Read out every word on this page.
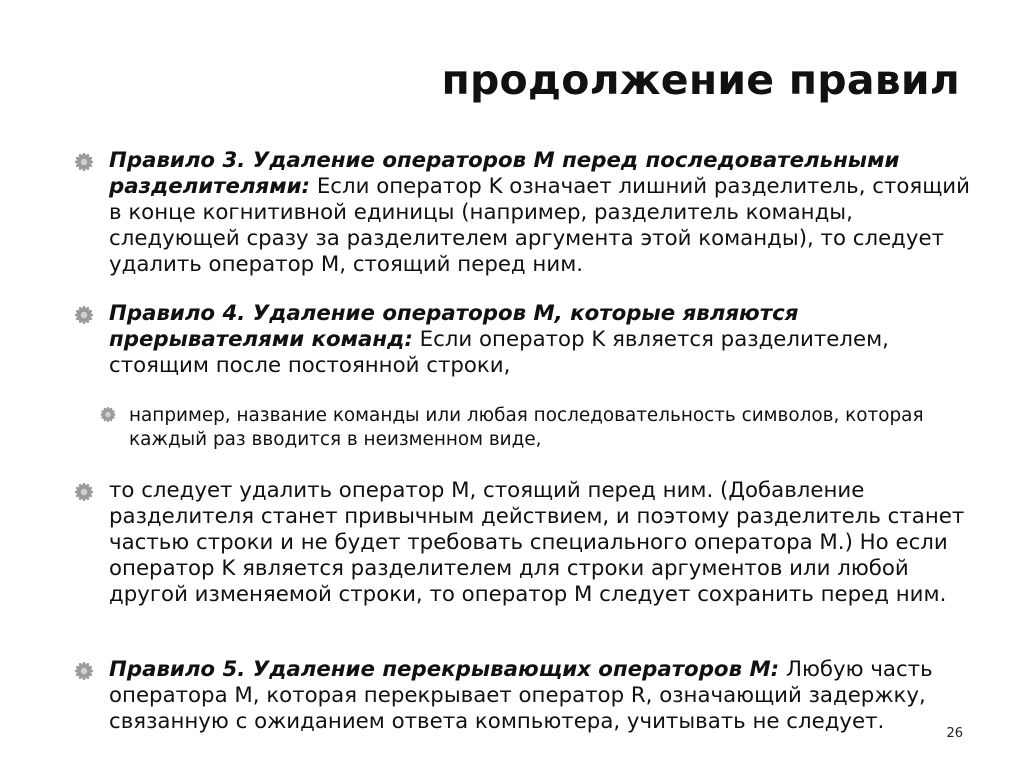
продолжение правил
Правило 3. Удаление операторов M перед последовательными разделителями: Если оператор K означает лишний разделитель, стоящий в конце когнитивной единицы (например, разделитель команды, следующей сразу за разделителем аргумента этой команды), то следует удалить оператор M, стоящий перед ним.
Правило 4. Удаление операторов M, которые являются прерывателями команд: Если оператор K является разделителем, стоящим после постоянной строки,
например, название команды или любая последовательность символов, которая каждый раз вводится в неизменном виде,
то следует удалить оператор M, стоящий перед ним. (Добавление разделителя станет привычным действием, и поэтому разделитель станет частью строки и не будет требовать специального оператора M.) Но если оператор K является разделителем для строки аргументов или любой другой изменяемой строки, то оператор M следует сохранить перед ним.
Правило 5. Удаление перекрывающих операторов M: Любую часть оператора M, которая перекрывает оператор R, означающий задержку, связанную с ожиданием ответа компьютера, учитывать не следует.	26
